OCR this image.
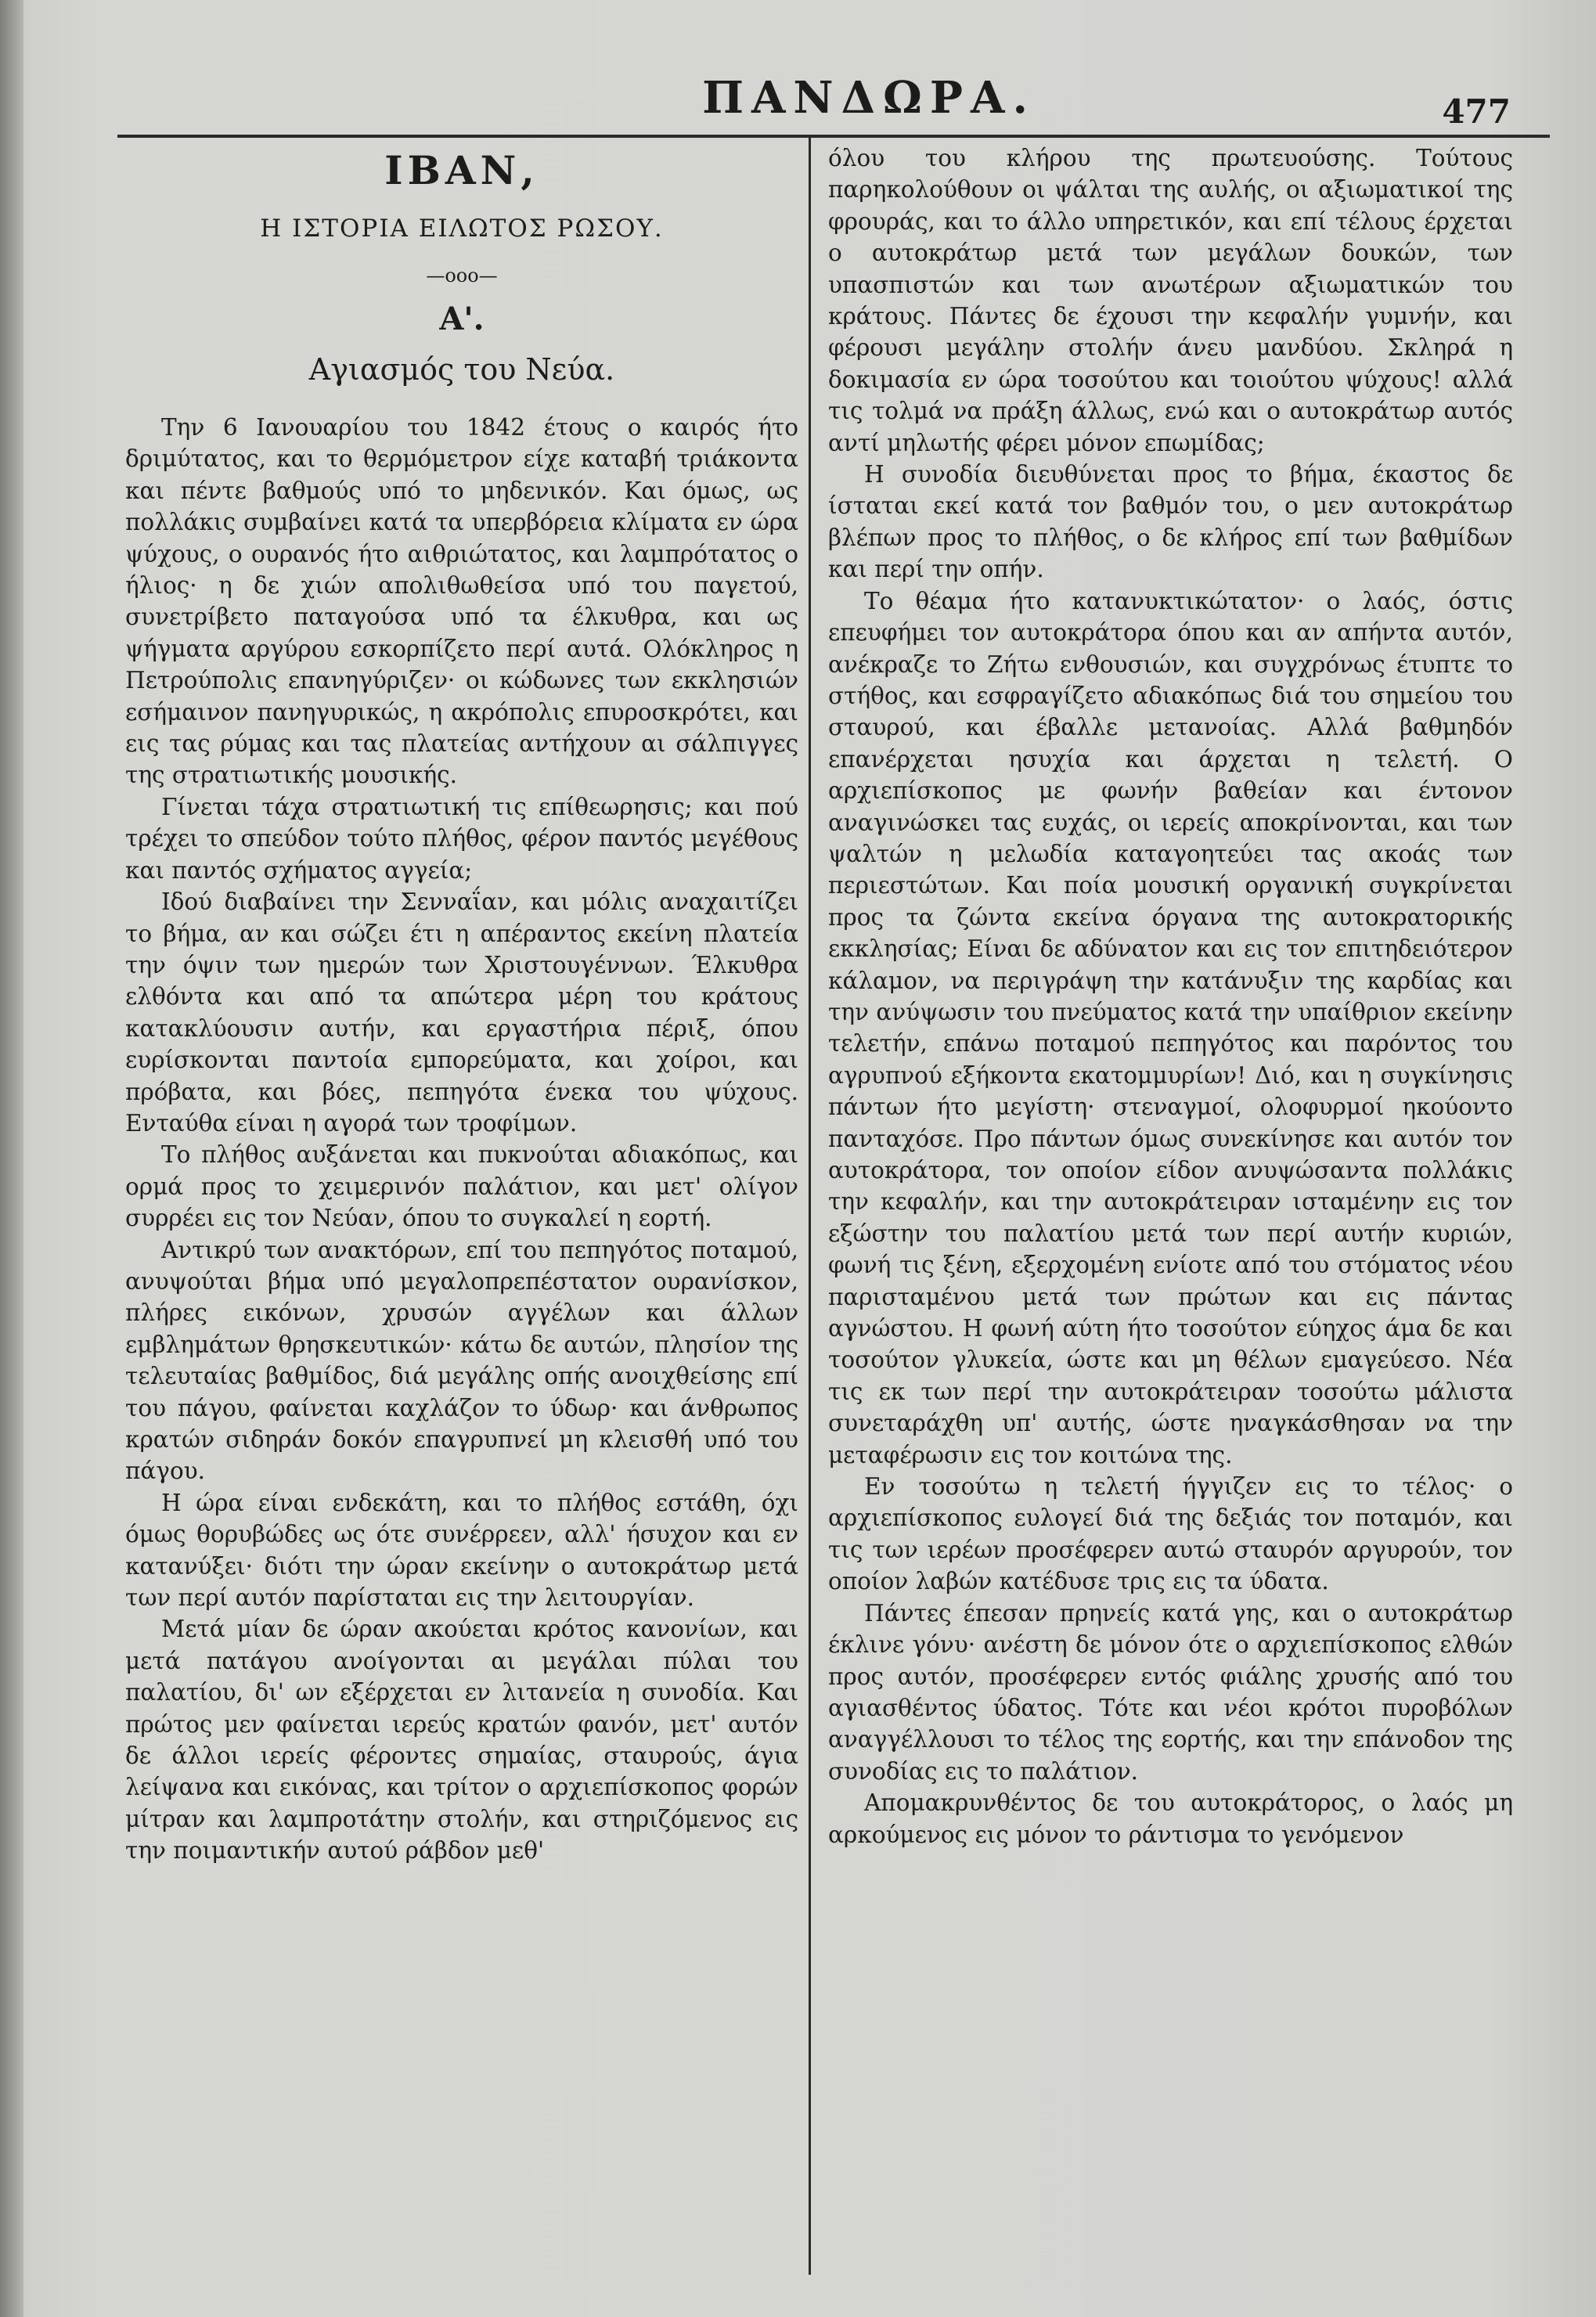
ΠΑΝΔΩΡΑ.	477
ΙΒΑΝ,
Η ΙΣΤΟΡΙΑ ΕΙΛΩΤΟΣ ΡΩΣΟΥ.
—οοο—
Α'.
Αγιασμός του Νεύα.

Την 6 Ιανουαρίου του 1842 έτους ο καιρός ήτο δριμύτατος, και το θερμόμετρον είχε καταβή τριάκοντα και πέντε βαθμούς υπό το μηδενικόν. Και όμως, ως πολλάκις συμβαίνει κατά τα υπερβόρεια κλίματα εν ώρα ψύχους, ο ουρανός ήτο αιθριώτατος, και λαμπρότατος ο ήλιος· η δε χιών απολιθωθείσα υπό του παγετού, συνετρίβετο παταγούσα υπό τα έλκυθρα, και ως ψήγματα αργύρου εσκορπίζετο περί αυτά. Ολόκληρος η Πετρούπολις επανηγύριζεν· οι κώδωνες των εκκλησιών εσήμαινον πανηγυρικώς, η ακρόπολις επυροσκρότει, και εις τας ρύμας και τας πλατείας αντήχουν αι σάλπιγγες της στρατιωτικής μουσικής.

Γίνεται τάχα στρατιωτική τις επίθεωρησις; και πού τρέχει το σπεύδον τούτο πλήθος, φέρον παντός μεγέθους και παντός σχήματος αγγεία;

Ιδού διαβαίνει την Σενναΐαν, και μόλις αναχαιτίζει το βήμα, αν και σώζει έτι η απέραντος εκείνη πλατεία την όψιν των ημερών των Χριστουγέννων. Έλκυθρα ελθόντα και από τα απώτερα μέρη του κράτους κατακλύουσιν αυτήν, και εργαστήρια πέριξ, όπου ευρίσκονται παντοία εμπορεύματα, και χοίροι, και πρόβατα, και βόες, πεπηγότα ένεκα του ψύχους. Ενταύθα είναι η αγορά των τροφίμων.

Το πλήθος αυξάνεται και πυκνούται αδιακόπως, και ορμά προς το χειμερινόν παλάτιον, και μετ' ολίγον συρρέει εις τον Νεύαν, όπου το συγκαλεί η εορτή.

Αντικρύ των ανακτόρων, επί του πεπηγότος ποταμού, ανυψούται βήμα υπό μεγαλοπρεπέστατον ουρανίσκον, πλήρες εικόνων, χρυσών αγγέλων και άλλων εμβλημάτων θρησκευτικών· κάτω δε αυτών, πλησίον της τελευταίας βαθμίδος, διά μεγάλης οπής ανοιχθείσης επί του πάγου, φαίνεται καχλάζον το ύδωρ· και άνθρωπος κρατών σιδηράν δοκόν επαγρυπνεί μη κλεισθή υπό του πάγου.

Η ώρα είναι ενδεκάτη, και το πλήθος εστάθη, όχι όμως θορυβώδες ως ότε συνέρρεεν, αλλ' ήσυχον και εν κατανύξει· διότι την ώραν εκείνην ο αυτοκράτωρ μετά των περί αυτόν παρίσταται εις την λειτουργίαν.

Μετά μίαν δε ώραν ακούεται κρότος κανονίων, και μετά πατάγου ανοίγονται αι μεγάλαι πύλαι του παλατίου, δι' ων εξέρχεται εν λιτανεία η συνοδία. Και πρώτος μεν φαίνεται ιερεύς κρατών φανόν, μετ' αυτόν δε άλλοι ιερείς φέροντες σημαίας, σταυρούς, άγια λείψανα και εικόνας, και τρίτον ο αρχιεπίσκοπος φορών μίτραν και λαμπροτάτην στολήν, και στηριζόμενος εις την ποιμαντικήν αυτού ράβδον μεθ'

όλου του κλήρου της πρωτευούσης. Τούτους παρηκολούθουν οι ψάλται της αυλής, οι αξιωματικοί της φρουράς, και το άλλο υπηρετικόν, και επί τέλους έρχεται ο αυτοκράτωρ μετά των μεγάλων δουκών, των υπασπιστών και των ανωτέρων αξιωματικών του κράτους. Πάντες δε έχουσι την κεφαλήν γυμνήν, και φέρουσι μεγάλην στολήν άνευ μανδύου. Σκληρά η δοκιμασία εν ώρα τοσούτου και τοιούτου ψύχους! αλλά τις τολμά να πράξη άλλως, ενώ και ο αυτοκράτωρ αυτός αντί μηλωτής φέρει μόνον επωμίδας;

Η συνοδία διευθύνεται προς το βήμα, έκαστος δε ίσταται εκεί κατά τον βαθμόν του, ο μεν αυτοκράτωρ βλέπων προς το πλήθος, ο δε κλήρος επί των βαθμίδων και περί την οπήν.

Το θέαμα ήτο κατανυκτικώτατον· ο λαός, όστις επευφήμει τον αυτοκράτορα όπου και αν απήντα αυτόν, ανέκραζε το Ζήτω ενθουσιών, και συγχρόνως έτυπτε το στήθος, και εσφραγίζετο αδιακόπως διά του σημείου του σταυρού, και έβαλλε μετανοίας. Αλλά βαθμηδόν επανέρχεται ησυχία και άρχεται η τελετή. Ο αρχιεπίσκοπος με φωνήν βαθείαν και έντονον αναγινώσκει τας ευχάς, οι ιερείς αποκρίνονται, και των ψαλτών η μελωδία καταγοητεύει τας ακοάς των περιεστώτων. Και ποία μουσική οργανική συγκρίνεται προς τα ζώντα εκείνα όργανα της αυτοκρατορικής εκκλησίας; Είναι δε αδύνατον και εις τον επιτηδειότερον κάλαμον, να περιγράψη την κατάνυξιν της καρδίας και την ανύψωσιν του πνεύματος κατά την υπαίθριον εκείνην τελετήν, επάνω ποταμού πεπηγότος και παρόντος του αγρυπνού εξήκοντα εκατομμυρίων! Διό, και η συγκίνησις πάντων ήτο μεγίστη· στεναγμοί, ολοφυρμοί ηκούοντο πανταχόσε. Προ πάντων όμως συνεκίνησε και αυτόν τον αυτοκράτορα, τον οποίον είδον ανυψώσαντα πολλάκις την κεφαλήν, και την αυτοκράτειραν ισταμένην εις τον εξώστην του παλατίου μετά των περί αυτήν κυριών, φωνή τις ξένη, εξερχομένη ενίοτε από του στόματος νέου παρισταμένου μετά των πρώτων και εις πάντας αγνώστου. Η φωνή αύτη ήτο τοσούτον εύηχος άμα δε και τοσούτον γλυκεία, ώστε και μη θέλων εμαγεύεσο. Νέα τις εκ των περί την αυτοκράτειραν τοσούτω μάλιστα συνεταράχθη υπ' αυτής, ώστε ηναγκάσθησαν να την μεταφέρωσιν εις τον κοιτώνα της.

Εν τοσούτω η τελετή ήγγιζεν εις το τέλος· ο αρχιεπίσκοπος ευλογεί διά της δεξιάς τον ποταμόν, και τις των ιερέων προσέφερεν αυτώ σταυρόν αργυρούν, τον οποίον λαβών κατέδυσε τρις εις τα ύδατα.

Πάντες έπεσαν πρηνείς κατά γης, και ο αυτοκράτωρ έκλινε γόνυ· ανέστη δε μόνον ότε ο αρχιεπίσκοπος ελθών προς αυτόν, προσέφερεν εντός φιάλης χρυσής από του αγιασθέντος ύδατος. Τότε και νέοι κρότοι πυροβόλων αναγγέλλουσι το τέλος της εορτής, και την επάνοδον της συνοδίας εις το παλάτιον.

Απομακρυνθέντος δε του αυτοκράτορος, ο λαός μη αρκούμενος εις μόνον το ράντισμα το γενόμενον
